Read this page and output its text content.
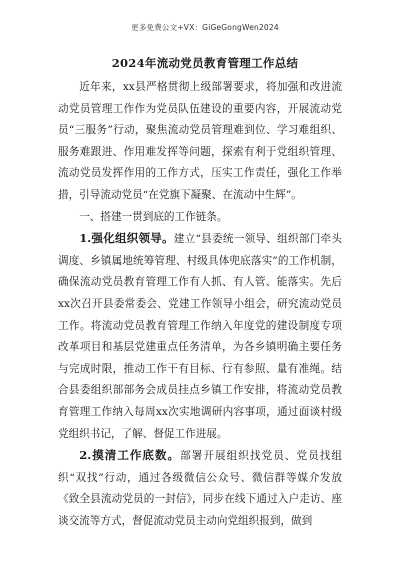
更多免费公文+VX：GiGeGongWen2024
2024年流动党员教育管理工作总结

近年来，xx县严格贯彻上级部署要求，将加强和改进流动党员管理工作作为党员队伍建设的重要内容，开展流动党员“三服务”行动，聚焦流动党员管理难到位、学习难组织、服务难跟进、作用难发挥等问题，探索有利于党组织管理、流动党员发挥作用的工作方式，压实工作责任，强化工作举措，引导流动党员“在党旗下凝聚、在流动中生辉”。

一、搭建一贯到底的工作链条。

1.强化组织领导。建立“县委统一领导、组织部门牵头调度、乡镇属地统筹管理、村级具体兜底落实”的工作机制，确保流动党员教育管理工作有人抓、有人管、能落实。先后xx次召开县委常委会、党建工作领导小组会，研究流动党员工作。将流动党员教育管理工作纳入年度党的建设制度专项改革项目和基层党建重点任务清单，为各乡镇明确主要任务与完成时限，推动工作干有目标、行有参照、量有准绳。结合县委组织部部务会成员挂点乡镇工作安排，将流动党员教育管理工作纳入每周xx次实地调研内容事项，通过面谈村级党组织书记，了解、督促工作进展。

2.摸清工作底数。部署开展组织找党员、党员找组织“双找”行动，通过各级微信公众号、微信群等媒介发放《致全县流动党员的一封信》，同步在线下通过入户走访、座谈交流等方式，督促流动党员主动向党组织报到，做到
